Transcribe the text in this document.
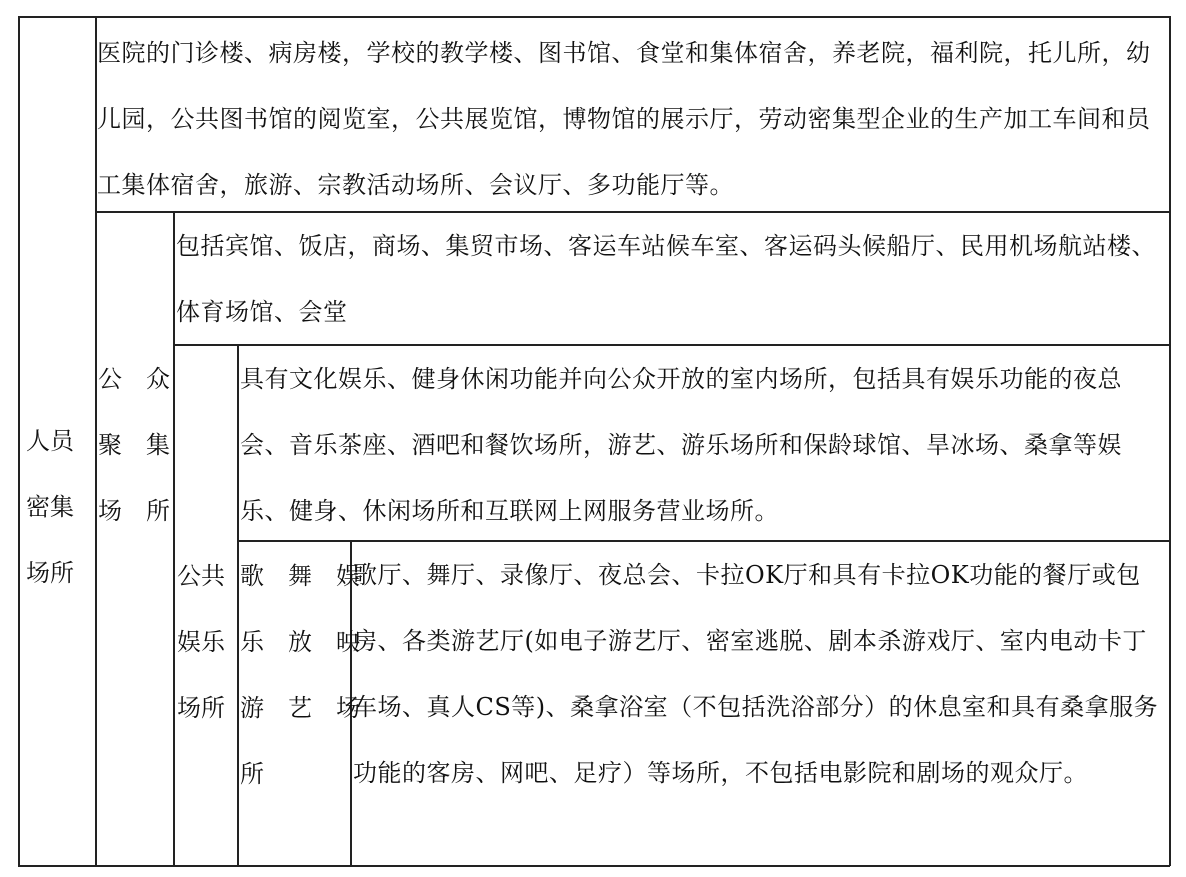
人员
密集
场所
公　众
聚　集
场　所
公共
娱乐
场所
歌　舞　娱
乐　放　映
游　艺　场
所
医院的门诊楼、病房楼，学校的教学楼、图书馆、食堂和集体宿舍，养老院，福利院，托儿所，幼儿园，公共图书馆的阅览室，公共展览馆，博物馆的展示厅，劳动密集型企业的生产加工车间和员工集体宿舍，旅游、宗教活动场所、会议厅、多功能厅等。
包括宾馆、饭店，商场、集贸市场、客运车站候车室、客运码头候船厅、民用机场航站楼、体育场馆、会堂
具有文化娱乐、健身休闲功能并向公众开放的室内场所，包括具有娱乐功能的夜总会、音乐茶座、酒吧和餐饮场所，游艺、游乐场所和保龄球馆、旱冰场、桑拿等娱乐、健身、休闲场所和互联网上网服务营业场所。
歌厅、舞厅、录像厅、夜总会、卡拉OK厅和具有卡拉OK功能的餐厅或包房、各类游艺厅(如电子游艺厅、密室逃脱、剧本杀游戏厅、室内电动卡丁车场、真人CS等)、桑拿浴室（不包括洗浴部分）的休息室和具有桑拿服务功能的客房、网吧、足疗）等场所，不包括电影院和剧场的观众厅。
